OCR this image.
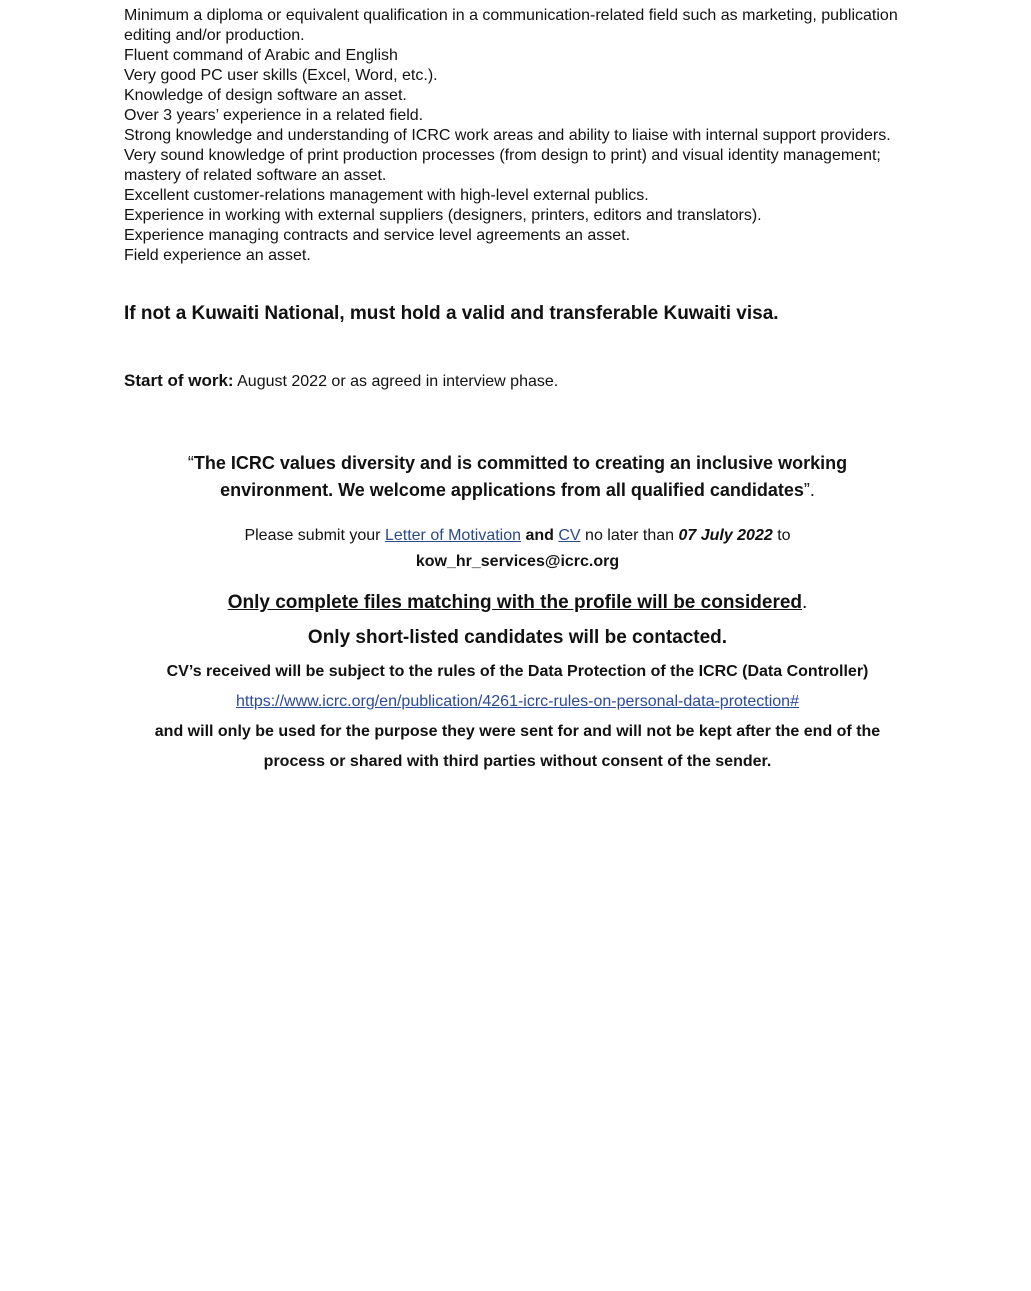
Minimum a diploma or equivalent qualification in a communication-related field such as marketing, publication editing and/or production.
Fluent command of Arabic and English
Very good PC user skills (Excel, Word, etc.).
Knowledge of design software an asset.
Over 3 years’ experience in a related field.
Strong knowledge and understanding of ICRC work areas and ability to liaise with internal support providers.
Very sound knowledge of print production processes (from design to print) and visual identity management; mastery of related software an asset.
Excellent customer-relations management with high-level external publics.
Experience in working with external suppliers (designers, printers, editors and translators).
Experience managing contracts and service level agreements an asset.
Field experience an asset.

If not a Kuwaiti National, must hold a valid and transferable Kuwaiti visa.

Start of work: August 2022 or as agreed in interview phase.

“The ICRC values diversity and is committed to creating an inclusive working
environment. We welcome applications from all qualified candidates”.

Please submit your Letter of Motivation and CV no later than 07 July 2022 to
kow_hr_services@icrc.org

Only complete files matching with the profile will be considered.

Only short-listed candidates will be contacted.

CV’s received will be subject to the rules of the Data Protection of the ICRC (Data Controller)
https://www.icrc.org/en/publication/4261-icrc-rules-on-personal-data-protection#
and will only be used for the purpose they were sent for and will not be kept after the end of the
process or shared with third parties without consent of the sender.
